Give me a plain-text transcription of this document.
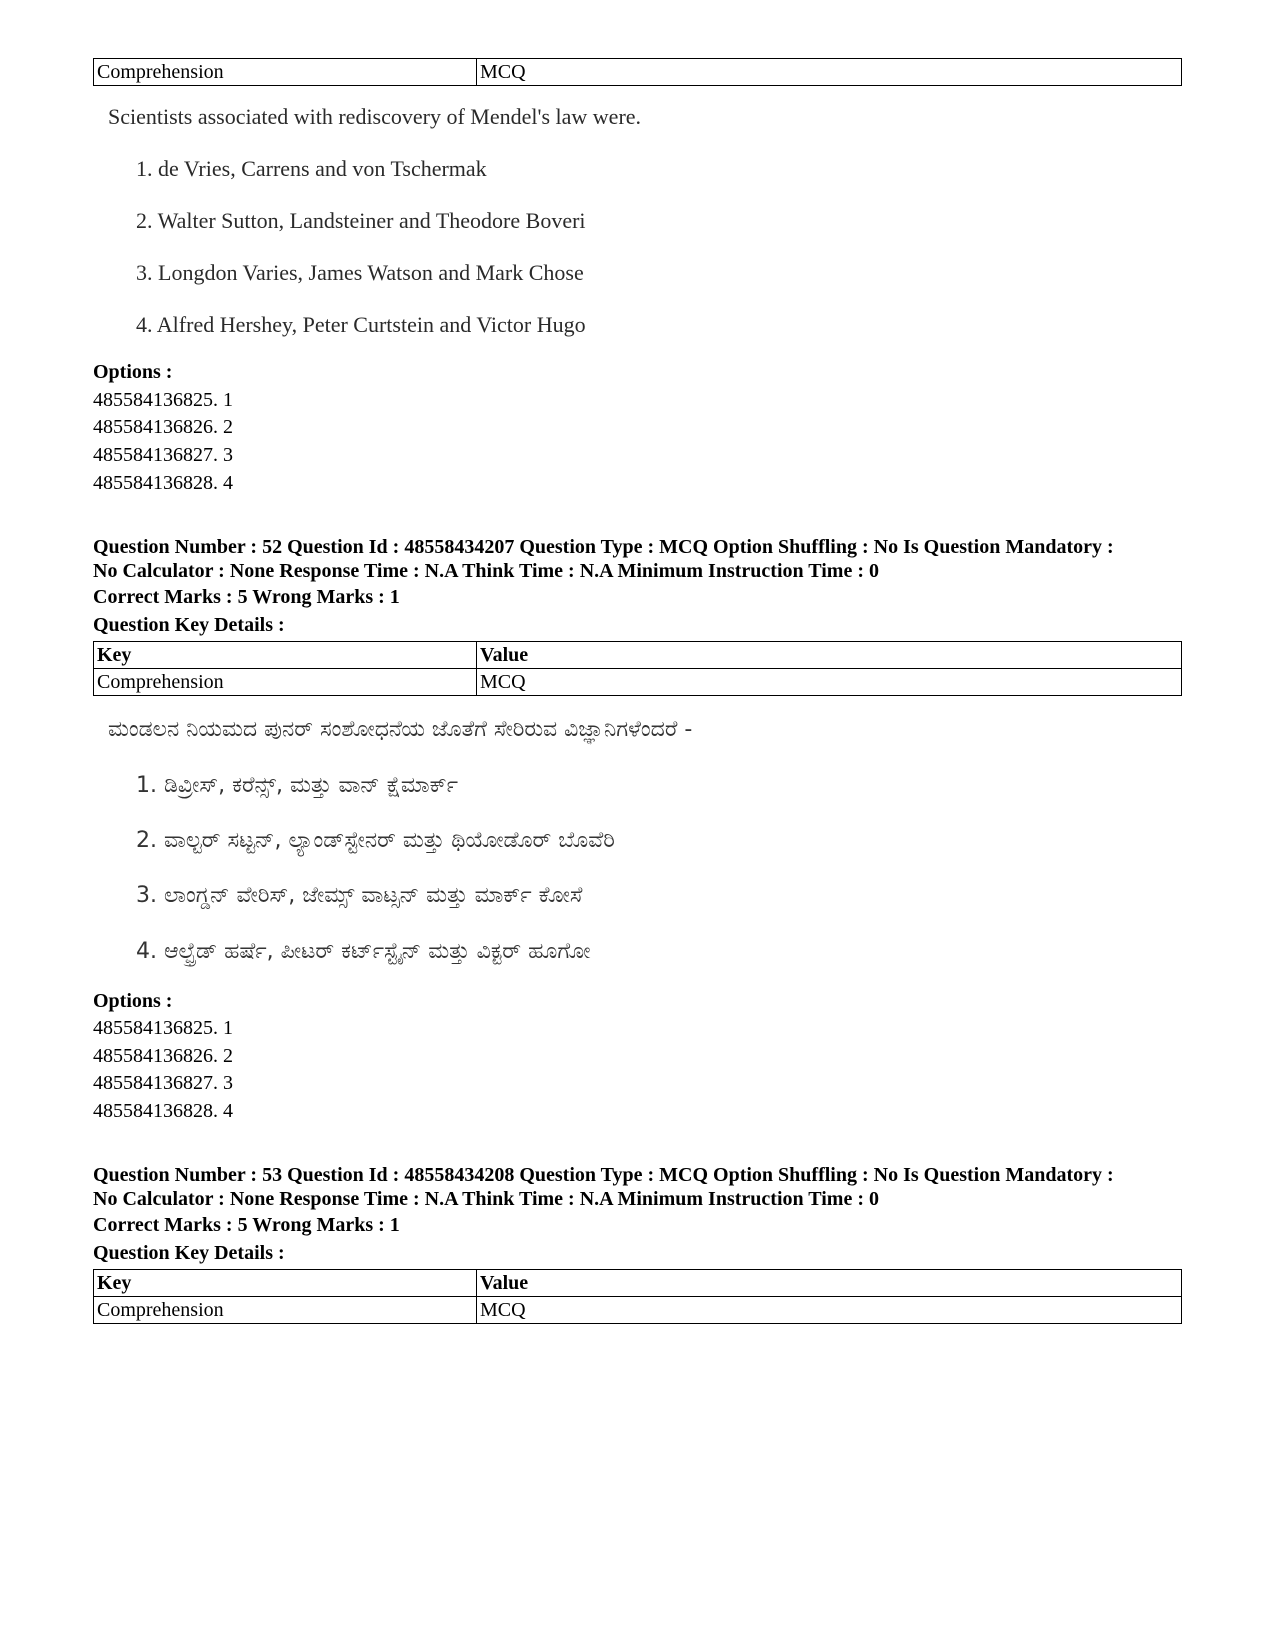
Comprehension	MCQ
Scientists associated with rediscovery of Mendel's law were.
1. de Vries, Carrens and von Tschermak
2. Walter Sutton, Landsteiner and Theodore Boveri
3. Longdon Varies, James Watson and Mark Chose
4. Alfred Hershey, Peter Curtstein and Victor Hugo
Options :
485584136825. 1
485584136826. 2
485584136827. 3
485584136828. 4
Question Number : 52 Question Id : 48558434207 Question Type : MCQ Option Shuffling : No Is Question Mandatory :
No Calculator : None Response Time : N.A Think Time : N.A Minimum Instruction Time : 0
Correct Marks : 5 Wrong Marks : 1
Question Key Details :
Key	Value
Comprehension	MCQ
ಮಂಡಲನ ನಿಯಮದ ಪುನರ್ ಸಂಶೋಧನೆಯ ಜೊತೆಗೆ ಸೇರಿರುವ ವಿಜ್ಞಾನಿಗಳೆಂದರೆ -
1. ಡಿವ್ರೀಸ್, ಕರೆನ್ಸ್, ಮತ್ತು ವಾನ್ ಕ್ಷೆಮಾರ್ಕ್
2. ವಾಲ್ಟರ್ ಸಟ್ಟನ್, ಲ್ಯಾಂಡ್‌ಸ್ಟೇನರ್ ಮತ್ತು ಥಿಯೋಡೊರ್ ಬೊವೆರಿ
3. ಲಾಂಗ್ಡನ್ ವೇರಿಸ್, ಜೇಮ್ಸ್ ವಾಟ್ಸನ್ ಮತ್ತು ಮಾರ್ಕ್ ಕೋಸೆ
4. ಆಲ್ಫ್ರೆಡ್ ಹರ್ಷೆ, ಪೀಟರ್ ಕರ್ಟ್‌ಸ್ಟೈನ್ ಮತ್ತು ವಿಕ್ಟರ್ ಹೂಗೋ
Options :
485584136825. 1
485584136826. 2
485584136827. 3
485584136828. 4
Question Number : 53 Question Id : 48558434208 Question Type : MCQ Option Shuffling : No Is Question Mandatory :
No Calculator : None Response Time : N.A Think Time : N.A Minimum Instruction Time : 0
Correct Marks : 5 Wrong Marks : 1
Question Key Details :
Key	Value
Comprehension	MCQ
